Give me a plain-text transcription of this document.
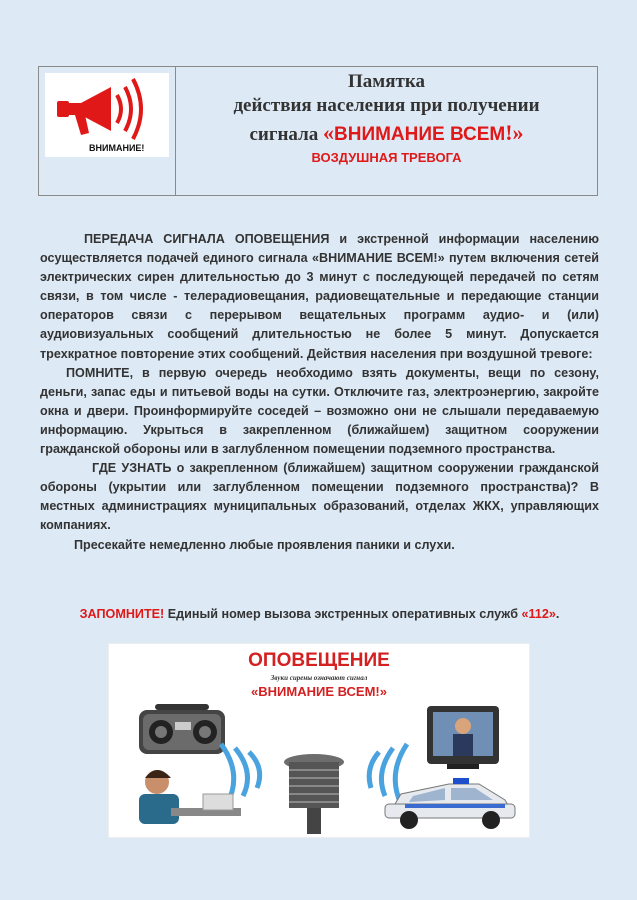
ВНИМАНИЕ!
Памятка
действия населения при получении
сигнала «ВНИМАНИЕ ВСЕМ!»
ВОЗДУШНАЯ ТРЕВОГА

ПЕРЕДАЧА СИГНАЛА ОПОВЕЩЕНИЯ и экстренной информации населению осуществляется подачей единого сигнала «ВНИМАНИЕ ВСЕМ!» путем включения сетей электрических сирен длительностью до 3 минут с последующей передачей по сетям связи, в том числе - телерадиовещания, радиовещательные и передающие станции операторов связи с перерывом вещательных программ аудио- и (или) аудиовизуальных сообщений длительностью не более 5 минут. Допускается трехкратное повторение этих сообщений. Действия населения при воздушной тревоге:

ПОМНИТЕ, в первую очередь необходимо взять документы, вещи по сезону, деньги, запас еды и питьевой воды на сутки. Отключите газ, электроэнергию, закройте окна и двери. Проинформируйте соседей – возможно они не слышали передаваемую информацию. Укрыться в закрепленном (ближайшем) защитном сооружении гражданской обороны или в заглубленном помещении подземного пространства.

ГДЕ УЗНАТЬ о закрепленном (ближайшем) защитном сооружении гражданской обороны (укрытии или заглубленном помещении подземного пространства)? В местных администрациях муниципальных образований, отделах ЖКХ, управляющих компаниях.

Пресекайте немедленно любые проявления паники и слухи.

ЗАПОМНИТЕ! Единый номер вызова экстренных оперативных служб «112».
ОПОВЕЩЕНИЕ
Звуки сирены означают сигнал
«ВНИМАНИЕ ВСЕМ!»
